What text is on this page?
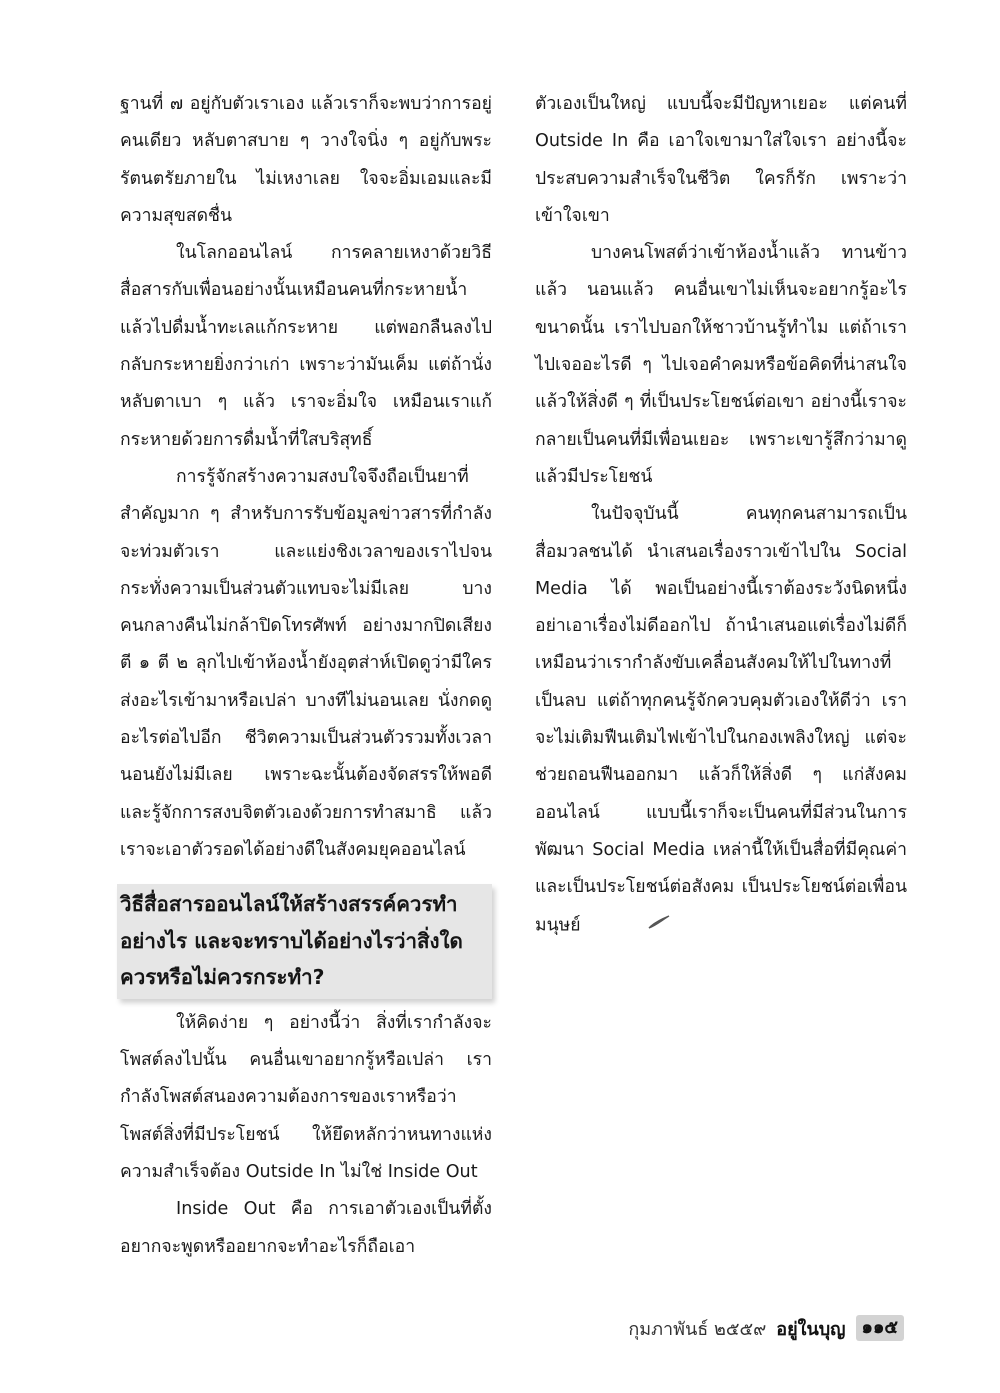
ฐานที่ ๗ อยู่กับตัวเราเอง แล้วเราก็จะพบว่าการอยู่คนเดียว หลับตาสบาย ๆ วางใจนิ่ง ๆ อยู่กับพระรัตนตรัยภายใน ไม่เหงาเลย ใจจะอิ่มเอมและมีความสุขสดชื่น

ในโลกออนไลน์ การคลายเหงาด้วยวิธีสื่อสารกับเพื่อนอย่างนั้นเหมือนคนที่กระหายน้ำ แล้วไปดื่มน้ำทะเลแก้กระหาย แต่พอกลืนลงไปกลับกระหายยิ่งกว่าเก่า เพราะว่ามันเค็ม แต่ถ้านั่งหลับตาเบา ๆ แล้ว เราจะอิ่มใจ เหมือนเราแก้กระหายด้วยการดื่มน้ำที่ใสบริสุทธิ์

การรู้จักสร้างความสงบใจจึงถือเป็นยาที่สำคัญมาก ๆ สำหรับการรับข้อมูลข่าวสารที่กำลังจะท่วมตัวเรา และแย่งชิงเวลาของเราไปจนกระทั่งความเป็นส่วนตัวแทบจะไม่มีเลย บางคนกลางคืนไม่กล้าปิดโทรศัพท์ อย่างมากปิดเสียง ตี ๑ ตี ๒ ลุกไปเข้าห้องน้ำยังอุตส่าห์เปิดดูว่ามีใครส่งอะไรเข้ามาหรือเปล่า บางทีไม่นอนเลย นั่งกดดูอะไรต่อไปอีก ชีวิตความเป็นส่วนตัวรวมทั้งเวลานอนยังไม่มีเลย เพราะฉะนั้นต้องจัดสรรให้พอดี และรู้จักการสงบจิตตัวเองด้วยการทำสมาธิ แล้วเราจะเอาตัวรอดได้อย่างดีในสังคมยุคออนไลน์

วิธีสื่อสารออนไลน์ให้สร้างสรรค์ควรทำอย่างไร และจะทราบได้อย่างไรว่าสิ่งใดควรหรือไม่ควรกระทำ?

ให้คิดง่าย ๆ อย่างนี้ว่า สิ่งที่เรากำลังจะโพสต์ลงไปนั้น คนอื่นเขาอยากรู้หรือเปล่า เรากำลังโพสต์สนองความต้องการของเราหรือว่าโพสต์สิ่งที่มีประโยชน์ ให้ยึดหลักว่าหนทางแห่งความสำเร็จต้อง Outside In ไม่ใช่ Inside Out

Inside Out คือ การเอาตัวเองเป็นที่ตั้ง อยากจะพูดหรืออยากจะทำอะไรก็ถือเอา

ตัวเองเป็นใหญ่ แบบนี้จะมีปัญหาเยอะ แต่คนที่ Outside In คือ เอาใจเขามาใส่ใจเรา อย่างนี้จะประสบความสำเร็จในชีวิต ใครก็รัก เพราะว่าเข้าใจเขา

บางคนโพสต์ว่าเข้าห้องน้ำแล้ว ทานข้าวแล้ว นอนแล้ว คนอื่นเขาไม่เห็นจะอยากรู้อะไรขนาดนั้น เราไปบอกให้ชาวบ้านรู้ทำไม แต่ถ้าเราไปเจออะไรดี ๆ ไปเจอคำคมหรือข้อคิดที่น่าสนใจ แล้วให้สิ่งดี ๆ ที่เป็นประโยชน์ต่อเขา อย่างนี้เราจะกลายเป็นคนที่มีเพื่อนเยอะ เพราะเขารู้สึกว่ามาดูแล้วมีประโยชน์

ในปัจจุบันนี้ คนทุกคนสามารถเป็นสื่อมวลชนได้ นำเสนอเรื่องราวเข้าไปใน Social Media ได้ พอเป็นอย่างนี้เราต้องระวังนิดหนึ่ง อย่าเอาเรื่องไม่ดีออกไป ถ้านำเสนอแต่เรื่องไม่ดีก็เหมือนว่าเรากำลังขับเคลื่อนสังคมให้ไปในทางที่เป็นลบ แต่ถ้าทุกคนรู้จักควบคุมตัวเองให้ดีว่า เราจะไม่เติมฟืนเติมไฟเข้าไปในกองเพลิงใหญ่ แต่จะช่วยถอนฟืนออกมา แล้วก็ให้สิ่งดี ๆ แก่สังคมออนไลน์ แบบนี้เราก็จะเป็นคนที่มีส่วนในการพัฒนา Social Media เหล่านี้ให้เป็นสื่อที่มีคุณค่าและเป็นประโยชน์ต่อสังคม เป็นประโยชน์ต่อเพื่อนมนุษย์

กุมภาพันธ์ ๒๕๕๙ อยู่ในบุญ ๑๑๕
